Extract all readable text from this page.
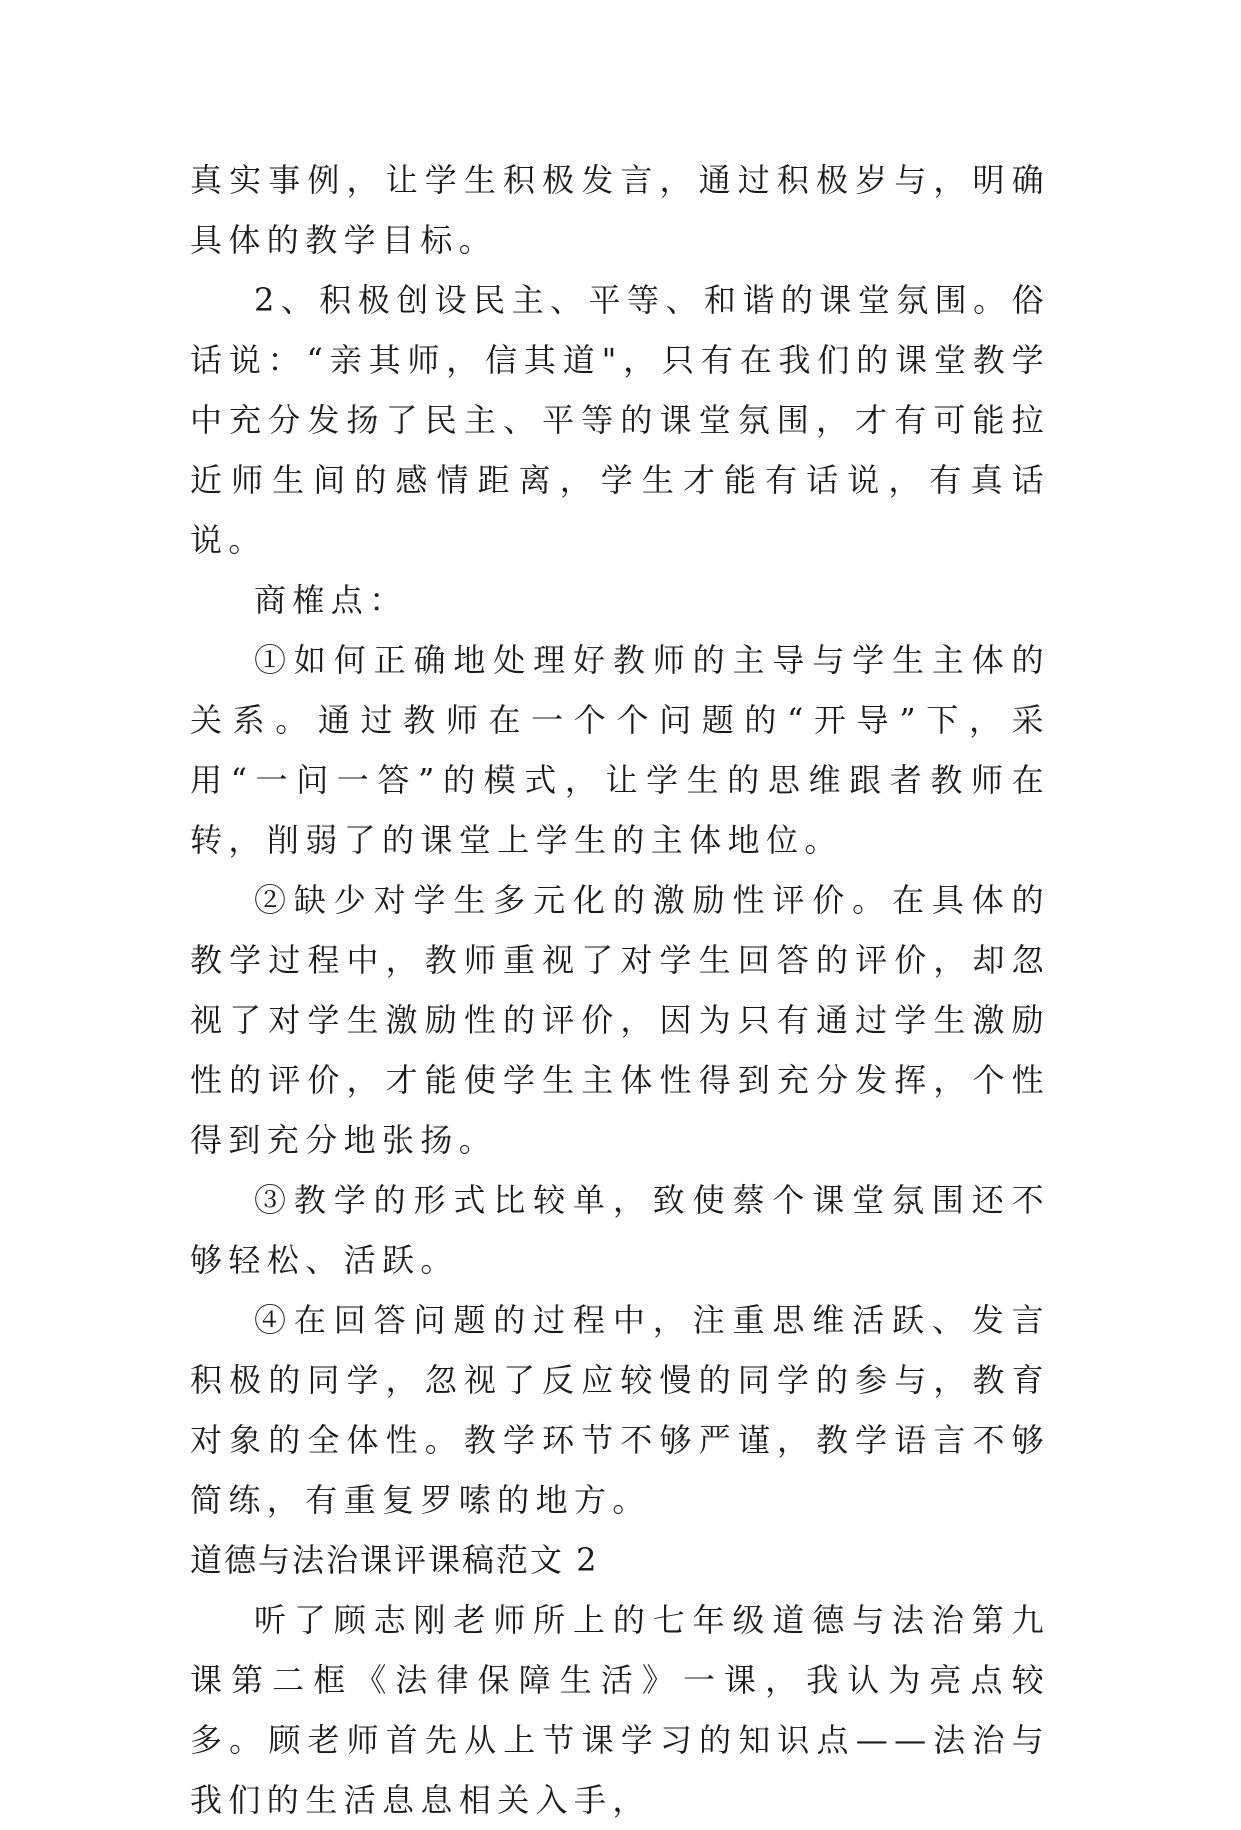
真实事例，让学生积极发言，通过积极岁与，明确具体的教学目标。

2、积极创设民主、平等、和谐的课堂氛围。俗话说：“亲其师，信其道"，只有在我们的课堂教学中充分发扬了民主、平等的课堂氛围，才有可能拉近师生间的感情距离，学生才能有话说，有真话说。

商榷点：

①如何正确地处理好教师的主导与学生主体的关系。通过教师在一个个问题的“开导”下，采用“一问一答”的模式，让学生的思维跟者教师在转，削弱了的课堂上学生的主体地位。

②缺少对学生多元化的激励性评价。在具体的教学过程中，教师重视了对学生回答的评价，却忽视了对学生激励性的评价，因为只有通过学生激励性的评价，才能使学生主体性得到充分发挥，个性得到充分地张扬。

③教学的形式比较单，致使蔡个课堂氛围还不够轻松、活跃。

④在回答问题的过程中，注重思维活跃、发言积极的同学，忽视了反应较慢的同学的参与，教育对象的全体性。教学环节不够严谨，教学语言不够简练，有重复罗嗦的地方。

道德与法治课评课稿范文 2

听了顾志刚老师所上的七年级道德与法治第九课第二框《法律保障生活》一课，我认为亮点较多。顾老师首先从上节课学习的知识点——法治与我们的生活息息相关入手，
